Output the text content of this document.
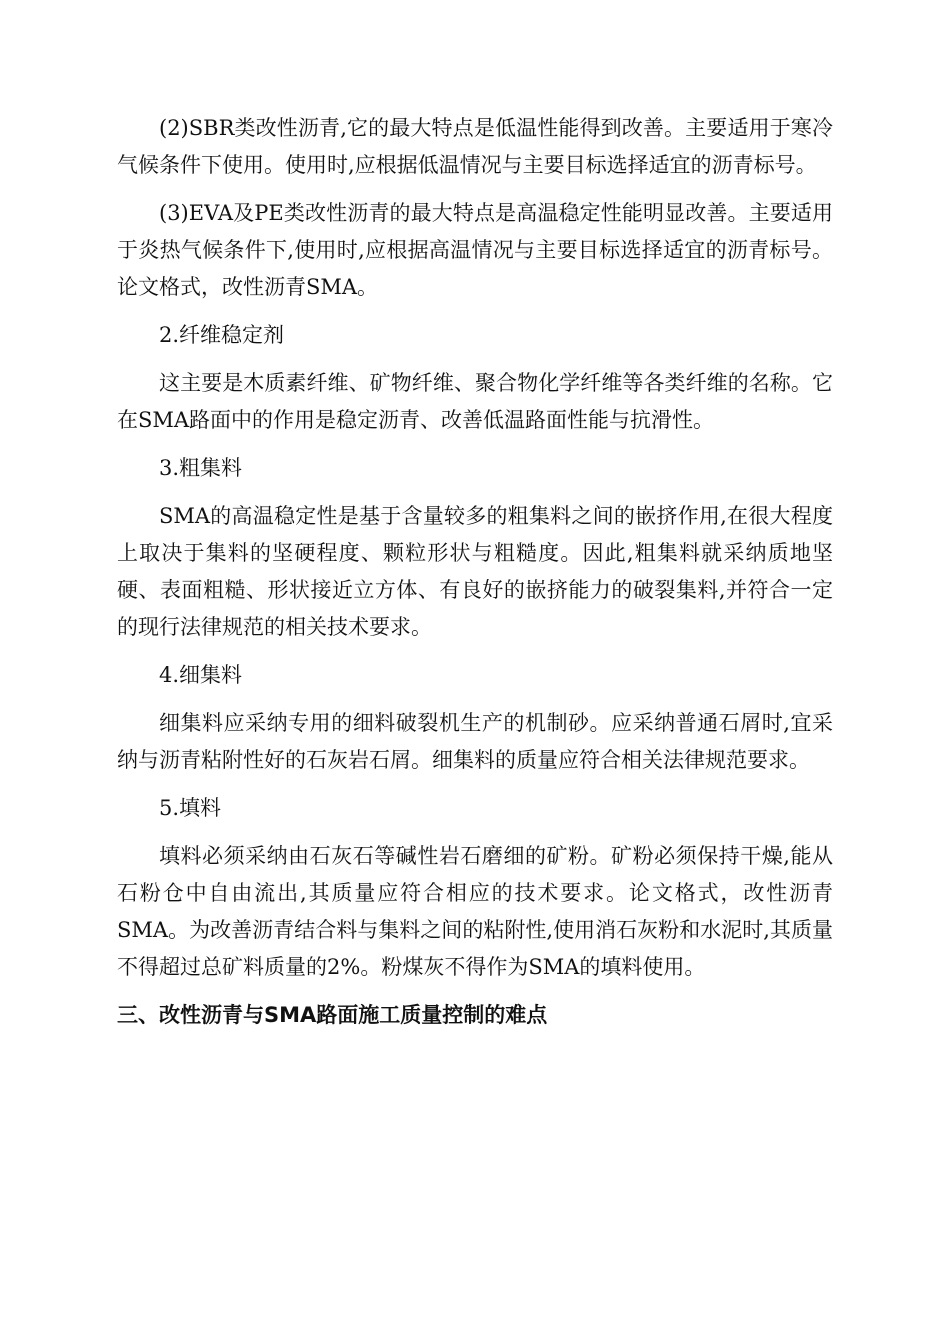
(2)SBR类改性沥青,它的最大特点是低温性能得到改善。主要适用于寒冷气候条件下使用。使用时,应根据低温情况与主要目标选择适宜的沥青标号。

(3)EVA及PE类改性沥青的最大特点是高温稳定性能明显改善。主要适用于炎热气候条件下,使用时,应根据高温情况与主要目标选择适宜的沥青标号。论文格式，改性沥青SMA。

2.纤维稳定剂

这主要是木质素纤维、矿物纤维、聚合物化学纤维等各类纤维的名称。它在SMA路面中的作用是稳定沥青、改善低温路面性能与抗滑性。

3.粗集料

SMA的高温稳定性是基于含量较多的粗集料之间的嵌挤作用,在很大程度上取决于集料的坚硬程度、颗粒形状与粗糙度。因此,粗集料就采纳质地坚硬、表面粗糙、形状接近立方体、有良好的嵌挤能力的破裂集料,并符合一定的现行法律规范的相关技术要求。

4.细集料

细集料应采纳专用的细料破裂机生产的机制砂。应采纳普通石屑时,宜采纳与沥青粘附性好的石灰岩石屑。细集料的质量应符合相关法律规范要求。

5.填料

填料必须采纳由石灰石等碱性岩石磨细的矿粉。矿粉必须保持干燥,能从石粉仓中自由流出,其质量应符合相应的技术要求。论文格式，改性沥青SMA。为改善沥青结合料与集料之间的粘附性,使用消石灰粉和水泥时,其质量不得超过总矿料质量的2%。粉煤灰不得作为SMA的填料使用。

三、改性沥青与SMA路面施工质量控制的难点
